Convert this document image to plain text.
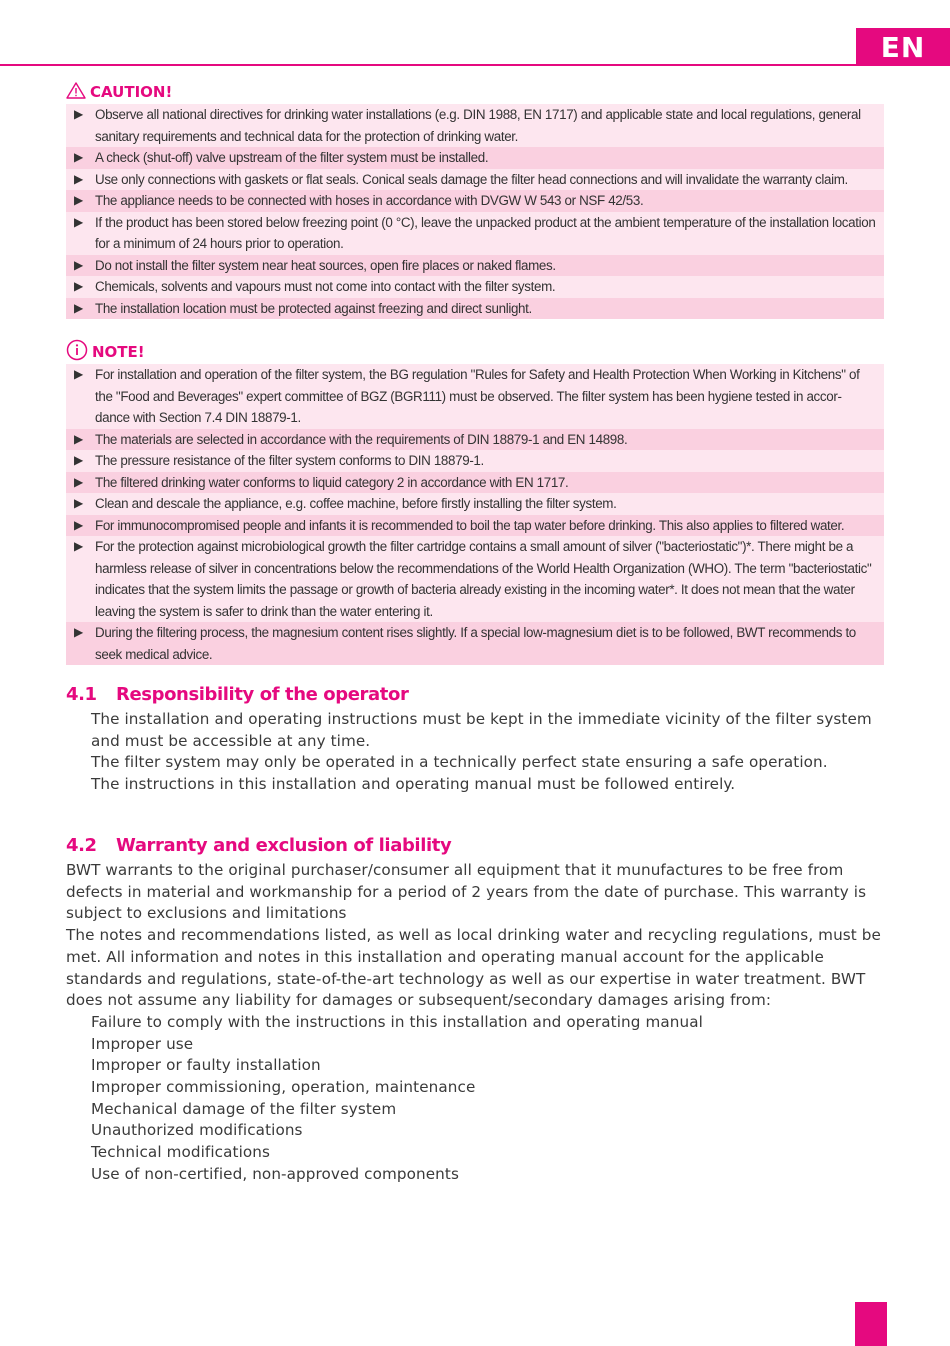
EN
CAUTION!
▶ Observe all national directives for drinking water installations (e.g. DIN 1988, EN 1717) and applicable state and local regulations, general sanitary requirements and technical data for the protection of drinking water.
▶ A check (shut-off) valve upstream of the filter system must be installed.
▶ Use only connections with gaskets or flat seals. Conical seals damage the filter head connections and will invalidate the warranty claim.
▶ The appliance needs to be connected with hoses in accordance with DVGW W 543 or NSF 42/53.
▶ If the product has been stored below freezing point (0 °C), leave the unpacked product at the ambient temperature of the installation location for a minimum of 24 hours prior to operation.
▶ Do not install the filter system near heat sources, open fire places or naked flames.
▶ Chemicals, solvents and vapours must not come into contact with the filter system.
▶ The installation location must be protected against freezing and direct sunlight.
NOTE!
▶ For installation and operation of the filter system, the BG regulation "Rules for Safety and Health Protection When Working in Kitchens" of the "Food and Beverages" expert committee of BGZ (BGR111) must be observed. The filter system has been hygiene tested in accor-dance with Section 7.4 DIN 18879-1.
▶ The materials are selected in accordance with the requirements of DIN 18879-1 and EN 14898.
▶ The pressure resistance of the filter system conforms to DIN 18879-1.
▶ The filtered drinking water conforms to liquid category 2 in accordance with EN 1717.
▶ Clean and descale the appliance, e.g. coffee machine, before firstly installing the filter system.
▶ For immunocompromised people and infants it is recommended to boil the tap water before drinking. This also applies to filtered water.
▶ For the protection against microbiological growth the filter cartridge contains a small amount of silver ("bacteriostatic")*. There might be a harmless release of silver in concentrations below the recommendations of the World Health Organization (WHO). The term "bacteriostatic" indicates that the system limits the passage or growth of bacteria already existing in the incoming water*. It does not mean that the water leaving the system is safer to drink than the water entering it.
▶ During the filtering process, the magnesium content rises slightly. If a special low-magnesium diet is to be followed, BWT recommends to seek medical advice.
4.1 Responsibility of the operator

The installation and operating instructions must be kept in the immediate vicinity of the filter system and must be accessible at any time.

The filter system may only be operated in a technically perfect state ensuring a safe operation.

The instructions in this installation and operating manual must be followed entirely.

4.2 Warranty and exclusion of liability

BWT warrants to the original purchaser/consumer all equipment that it munufactures to be free from defects in material and workmanship for a period of 2 years from the date of purchase. This warranty is subject to exclusions and limitations

The notes and recommendations listed, as well as local drinking water and recycling regulations, must be met. All information and notes in this installation and operating manual account for the applicable standards and regulations, state-of-the-art technology as well as our expertise in water treatment. BWT does not assume any liability for damages or subsequent/secondary damages arising from:

Failure to comply with the instructions in this installation and operating manual

Improper use

Improper or faulty installation

Improper commissioning, operation, maintenance

Mechanical damage of the filter system

Unauthorized modifications

Technical modifications

Use of non-certified, non-approved components
